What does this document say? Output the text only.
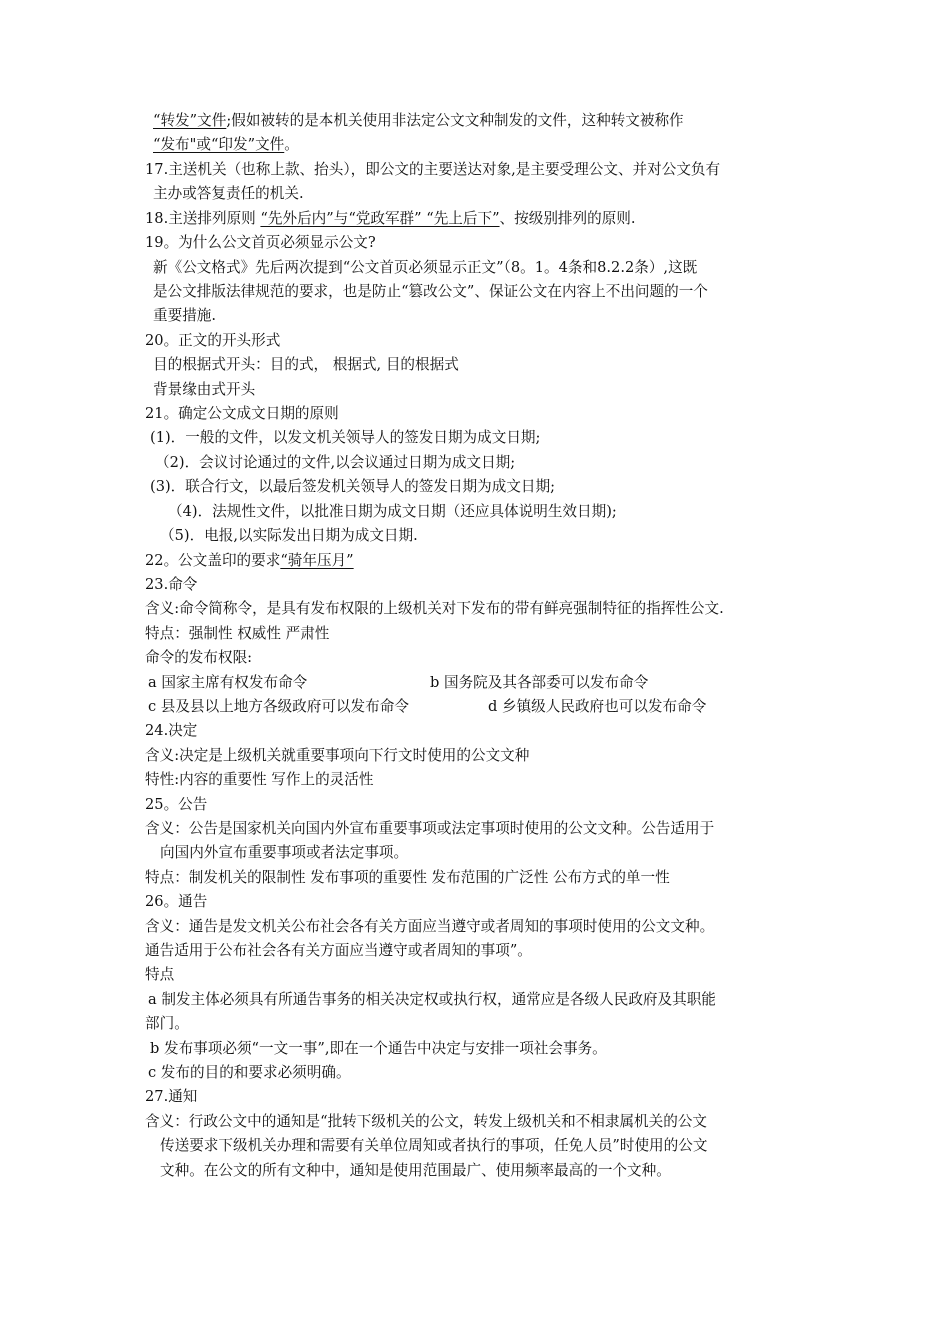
“转发”文件;假如被转的是本机关使用非法定公文文种制发的文件，这种转文被称作
“发布"或“印发”文件。
17.主送机关（也称上款、抬头），即公文的主要送达对象,是主要受理公文、并对公文负有
主办或答复责任的机关.
18.主送排列原则 “先外后内”与“党政军群” “先上后下”、按级别排列的原则.
19。为什么公文首页必须显示公文?
新《公文格式》先后两次提到“公文首页必须显示正文”（8。1。4条和8.2.2条）,这既
是公文排版法律规范的要求，也是防止“篡改公文”、保证公文在内容上不出问题的一个
重要措施.
20。正文的开头形式
目的根据式开头：目的式， 根据式, 目的根据式
背景缘由式开头
21。确定公文成文日期的原则
(1)．一般的文件，以发文机关领导人的签发日期为成文日期;
（2)．会议讨论通过的文件,以会议通过日期为成文日期;
(3)．联合行文，以最后签发机关领导人的签发日期为成文日期;
（4)．法规性文件，以批准日期为成文日期（还应具体说明生效日期);
（5)．电报,以实际发出日期为成文日期.
22。公文盖印的要求“骑年压月”
23.命令
含义:命令简称令，是具有发布权限的上级机关对下发布的带有鲜亮强制特征的指挥性公文.
特点：强制性 权威性 严肃性
命令的发布权限:
a 国家主席有权发布命令	b 国务院及其各部委可以发布命令
c 县及县以上地方各级政府可以发布命令	d 乡镇级人民政府也可以发布命令
24.决定
含义:决定是上级机关就重要事项向下行文时使用的公文文种
特性:内容的重要性 写作上的灵活性
25。公告
含义：公告是国家机关向国内外宣布重要事项或法定事项时使用的公文文种。公告适用于
向国内外宣布重要事项或者法定事项。
特点：制发机关的限制性 发布事项的重要性 发布范围的广泛性 公布方式的单一性
26。通告
含义：通告是发文机关公布社会各有关方面应当遵守或者周知的事项时使用的公文文种。
通告适用于公布社会各有关方面应当遵守或者周知的事项”。
特点
a 制发主体必须具有所通告事务的相关决定权或执行权，通常应是各级人民政府及其职能
部门。
b 发布事项必须“一文一事”,即在一个通告中决定与安排一项社会事务。
c 发布的目的和要求必须明确。
27.通知
含义：行政公文中的通知是“批转下级机关的公文，转发上级机关和不相隶属机关的公文
传送要求下级机关办理和需要有关单位周知或者执行的事项，任免人员”时使用的公文
文种。在公文的所有文种中，通知是使用范围最广、使用频率最高的一个文种。
